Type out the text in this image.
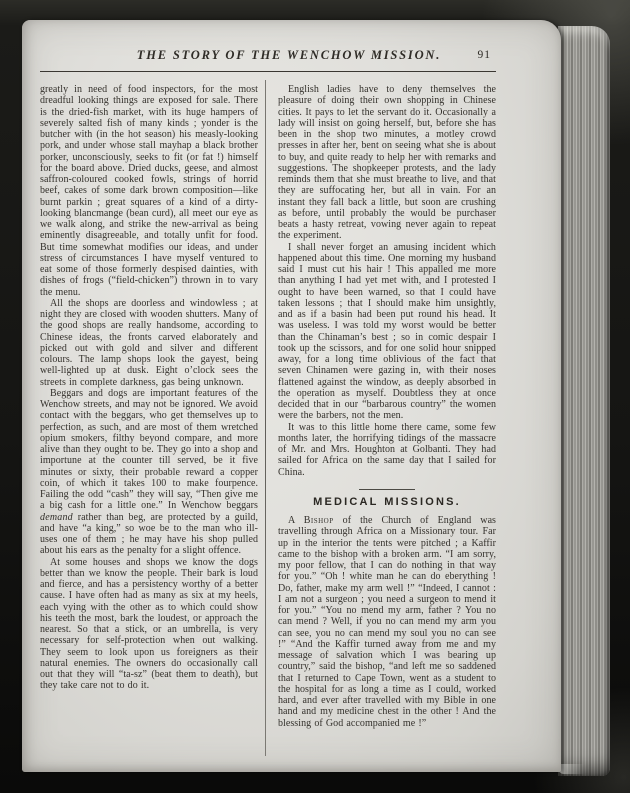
THE STORY OF THE WENCHOW MISSION.	91

greatly in need of food inspectors, for the most dreadful looking things are exposed for sale. There is the dried-fish market, with its huge hampers of severely salted fish of many kinds ; yonder is the butcher with (in the hot season) his measly-looking pork, and under whose stall mayhap a black brother porker, unconsciously, seeks to fit (or fat !) himself for the board above. Dried ducks, geese, and almost saffron-coloured cooked fowls, strings of horrid beef, cakes of some dark brown composition—like burnt parkin ; great squares of a kind of a dirty-looking blancmange (bean curd), all meet our eye as we walk along, and strike the new-arrival as being eminently disagreeable, and totally unfit for food. But time somewhat modifies our ideas, and under stress of circumstances I have myself ventured to eat some of those formerly despised dainties, with dishes of frogs (“field-chicken”) thrown in to vary the menu.

All the shops are doorless and windowless ; at night they are closed with wooden shutters. Many of the good shops are really handsome, according to Chinese ideas, the fronts carved elaborately and picked out with gold and silver and different colours. The lamp shops look the gayest, being well-lighted up at dusk. Eight o’clock sees the streets in complete darkness, gas being unknown.

Beggars and dogs are important features of the Wenchow streets, and may not be ignored. We avoid contact with the beggars, who get themselves up to perfection, as such, and are most of them wretched opium smokers, filthy beyond compare, and more alive than they ought to be. They go into a shop and importune at the counter till served, be it five minutes or sixty, their probable reward a copper coin, of which it takes 100 to make fourpence. Failing the odd “cash” they will say, “Then give me a big cash for a little one.” In Wenchow beggars demand rather than beg, are protected by a guild, and have “a king,” so woe be to the man who ill-uses one of them ; he may have his shop pulled about his ears as the penalty for a slight offence.

At some houses and shops we know the dogs better than we know the people. Their bark is loud and fierce, and has a persistency worthy of a better cause. I have often had as many as six at my heels, each vying with the other as to which could show his teeth the most, bark the loudest, or approach the nearest. So that a stick, or an umbrella, is very necessary for self-protection when out walking. They seem to look upon us foreigners as their natural enemies. The owners do occasionally call out that they will “ta-sz” (beat them to death), but they take care not to do it.

English ladies have to deny themselves the pleasure of doing their own shopping in Chinese cities. It pays to let the servant do it. Occasionally a lady will insist on going herself, but, before she has been in the shop two minutes, a motley crowd presses in after her, bent on seeing what she is about to buy, and quite ready to help her with remarks and suggestions. The shopkeeper protests, and the lady reminds them that she must breathe to live, and that they are suffocating her, but all in vain. For an instant they fall back a little, but soon are crushing as before, until probably the would be purchaser beats a hasty retreat, vowing never again to repeat the experiment.

I shall never forget an amusing incident which happened about this time. One morning my husband said I must cut his hair ! This appalled me more than anything I had yet met with, and I protested I ought to have been warned, so that I could have taken lessons ; that I should make him unsightly, and as if a basin had been put round his head. It was useless. I was told my worst would be better than the Chinaman’s best ; so in comic despair I took up the scissors, and for one solid hour snipped away, for a long time oblivious of the fact that seven Chinamen were gazing in, with their noses flattened against the window, as deeply absorbed in the operation as myself. Doubtless they at once decided that in our “barbarous country” the women were the barbers, not the men.

It was to this little home there came, some few months later, the horrifying tidings of the massacre of Mr. and Mrs. Houghton at Golbanti. They had sailed for Africa on the same day that I sailed for China.

MEDICAL MISSIONS.

A Bishop of the Church of England was travelling through Africa on a Missionary tour. Far up in the interior the tents were pitched ; a Kaffir came to the bishop with a broken arm. “I am sorry, my poor fellow, that I can do nothing in that way for you.” “Oh ! white man he can do eberything ! Do, father, make my arm well !” “Indeed, I cannot : I am not a surgeon ; you need a surgeon to mend it for you.” “You no mend my arm, father ? You no can mend ? Well, if you no can mend my arm you can see, you no can mend my soul you no can see !” “And the Kaffir turned away from me and my message of salvation which I was bearing up country,” said the bishop, “and left me so saddened that I returned to Cape Town, went as a student to the hospital for as long a time as I could, worked hard, and ever after travelled with my Bible in one hand and my medicine chest in the other ! And the blessing of God accompanied me !”
